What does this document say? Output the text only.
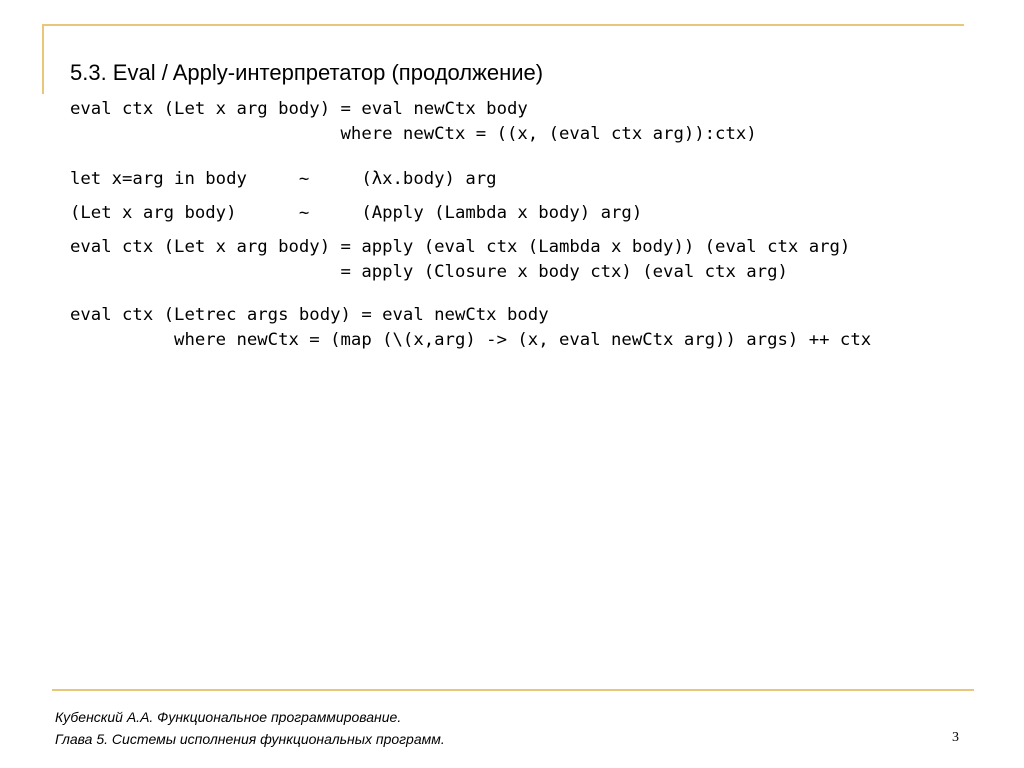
5.3. Eval / Apply-интерпретатор (продолжение)
eval ctx (Let x arg body) = eval newCtx body
where newCtx = ((x, (eval ctx arg)):ctx)
let x=arg in body     ~     (λx.body) arg
(Let x arg body)      ~     (Apply (Lambda x body) arg)
eval ctx (Let x arg body) = apply (eval ctx (Lambda x body)) (eval ctx arg)
= apply (Closure x body ctx) (eval ctx arg)
eval ctx (Letrec args body) = eval newCtx body
where newCtx = (map (\(x,arg) -> (x, eval newCtx arg)) args) ++ ctx
Кубенский А.А. Функциональное программирование.
Глава 5. Системы исполнения функциональных программ.	3
